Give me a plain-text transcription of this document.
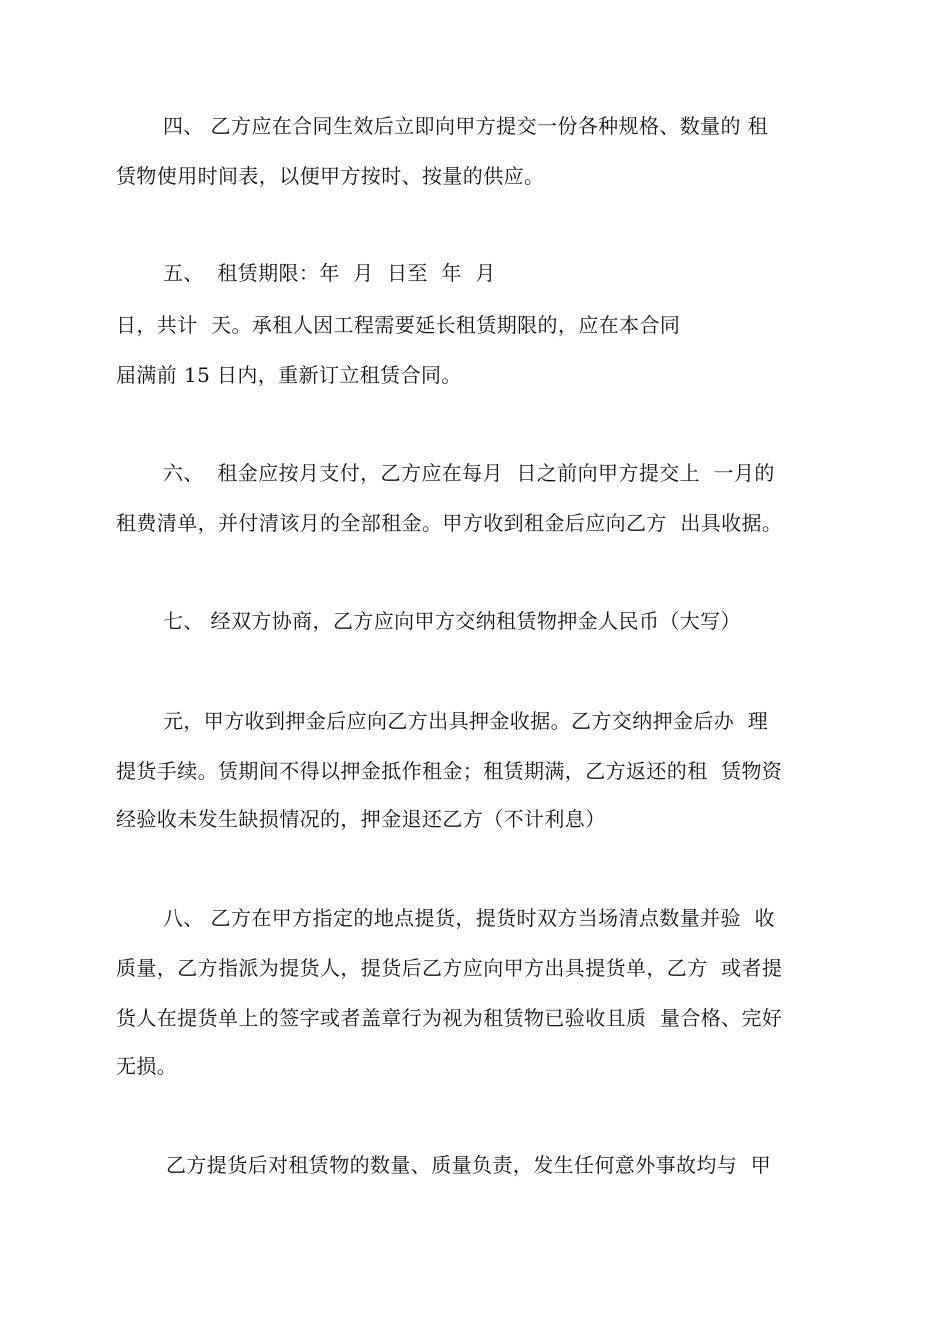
四、 乙方应在合同生效后立即向甲方提交一份各种规格、数量的 租
赁物使用时间表，以便甲方按时、按量的供应。
五、  租赁期限：年  月  日至  年  月
日，共计  天。承租人因工程需要延长租赁期限的，应在本合同
届满前 15 日内，重新订立租赁合同。
六、  租金应按月支付，乙方应在每月  日之前向甲方提交上  一月的
租费清单，并付清该月的全部租金。甲方收到租金后应向乙方  出具收据。
七、 经双方协商，乙方应向甲方交纳租赁物押金人民币（大写）
元，甲方收到押金后应向乙方出具押金收据。乙方交纳押金后办  理
提货手续。赁期间不得以押金抵作租金；租赁期满，乙方返还的租  赁物资
经验收未发生缺损情况的，押金退还乙方（不计利息）
八、 乙方在甲方指定的地点提货，提货时双方当场清点数量并验  收
质量，乙方指派为提货人，提货后乙方应向甲方出具提货单，乙方  或者提
货人在提货单上的签字或者盖章行为视为租赁物已验收且质  量合格、完好
无损。
乙方提货后对租赁物的数量、质量负责，发生任何意外事故均与  甲
